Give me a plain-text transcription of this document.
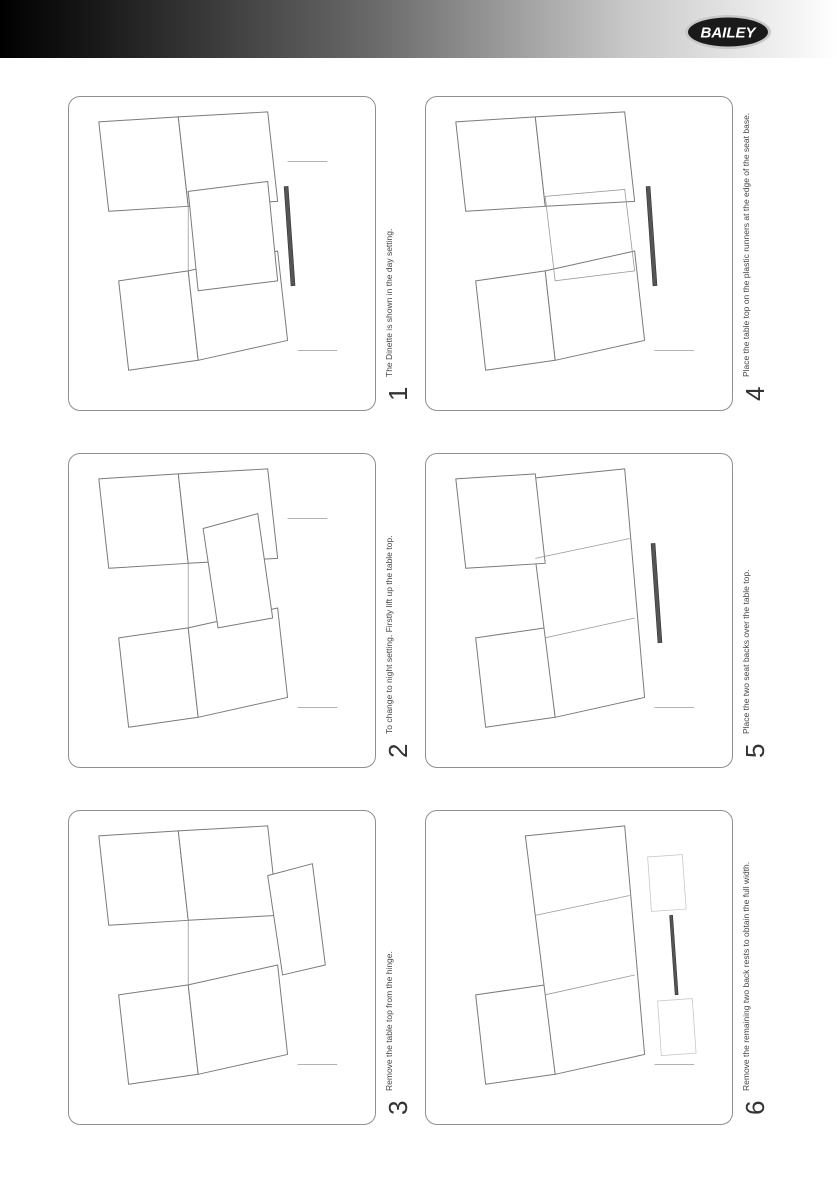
BAILEY
1
The Dinette is shown in the day setting.
2
To change to night setting. Firstly lift up the table top.
3
Remove the table top from the hinge.
4
Place the table top on the plastic runners at the edge of the seat base.
5
Place the two seat backs over the table top.
6
Remove the remaining two back rests to obtain the full width.
